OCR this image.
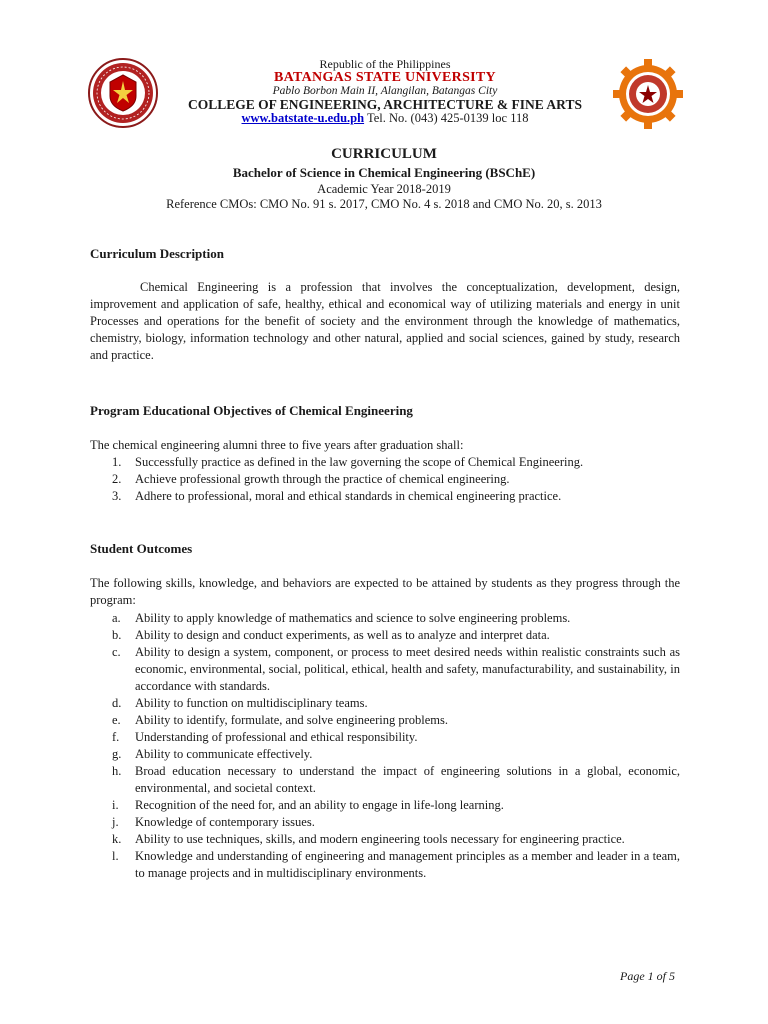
Republic of the Philippines
BATANGAS STATE UNIVERSITY
Pablo Borbon Main II, Alangilan, Batangas City
COLLEGE OF ENGINEERING, ARCHITECTURE & FINE ARTS
www.batstate-u.edu.ph Tel. No. (043) 425-0139 loc 118
CURRICULUM
Bachelor of Science in Chemical Engineering (BSChE)
Academic Year 2018-2019
Reference CMOs: CMO No. 91 s. 2017, CMO No. 4 s. 2018 and CMO No. 20, s. 2013
Curriculum Description
Chemical Engineering is a profession that involves the conceptualization, development, design, improvement and application of safe, healthy, ethical and economical way of utilizing materials and energy in unit Processes and operations for the benefit of society and the environment through the knowledge of mathematics, chemistry, biology, information technology and other natural, applied and social sciences, gained by study, research and practice.
Program Educational Objectives of Chemical Engineering
The chemical engineering alumni three to five years after graduation shall:
1. Successfully practice as defined in the law governing the scope of Chemical Engineering.
2. Achieve professional growth through the practice of chemical engineering.
3. Adhere to professional, moral and ethical standards in chemical engineering practice.
Student Outcomes
The following skills, knowledge, and behaviors are expected to be attained by students as they progress through the program:
a. Ability to apply knowledge of mathematics and science to solve engineering problems.
b. Ability to design and conduct experiments, as well as to analyze and interpret data.
c. Ability to design a system, component, or process to meet desired needs within realistic constraints such as economic, environmental, social, political, ethical, health and safety, manufacturability, and sustainability, in accordance with standards.
d. Ability to function on multidisciplinary teams.
e. Ability to identify, formulate, and solve engineering problems.
f. Understanding of professional and ethical responsibility.
g. Ability to communicate effectively.
h. Broad education necessary to understand the impact of engineering solutions in a global, economic, environmental, and societal context.
i. Recognition of the need for, and an ability to engage in life-long learning.
j. Knowledge of contemporary issues.
k. Ability to use techniques, skills, and modern engineering tools necessary for engineering practice.
l. Knowledge and understanding of engineering and management principles as a member and leader in a team, to manage projects and in multidisciplinary environments.
Page 1 of 5
